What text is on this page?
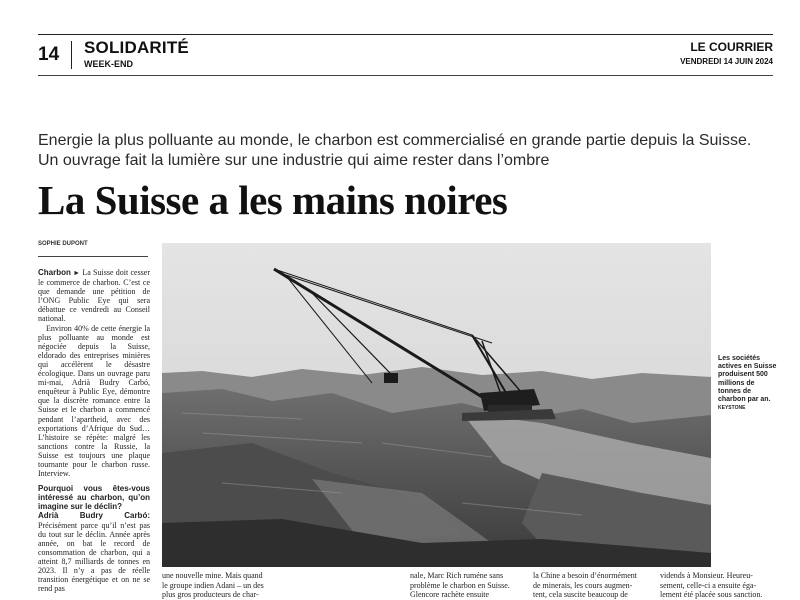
14 SOLIDARITÉ
WEEK-END
LE COURRIER
VENDREDI 14 JUIN 2024
Energie la plus polluante au monde, le charbon est commercialisé en grande partie depuis la Suisse.
Un ouvrage fait la lumière sur une industrie qui aime rester dans l’ombre
La Suisse a les mains noires
SOPHIE DUPONT

Charbon ► La Suisse doit cesser le commerce de charbon. C’est ce que demande une pétition de l’ONG Public Eye qui sera débattue ce vendredi au Conseil national.

Environ 40% de cette énergie la plus polluante au monde est négociée depuis la Suisse, eldorado des entreprises minières qui accélèrent le désastre écologique. Dans un ouvrage paru mi-mai, Adrià Budry Carbó, enquêteur à Public Eye, démontre que la discrète romance entre la Suisse et le charbon a commencé pendant l’apartheid, avec des exportations d’Afrique du Sud… L’histoire se répète: malgré les sanctions contre la Russie, la Suisse est toujours une plaque tournante pour le charbon russe. Interview.

Pourquoi vous êtes-vous intéressé au charbon, qu’on imagine sur le déclin?

Adrià Budry Carbó: Précisément parce qu’il n’est pas du tout sur le déclin. Année après année, on bat le record de consommation de charbon, qui a atteint 8,7 milliards de tonnes en 2023. Il n’y a pas de réelle transition énergétique et on ne se rend pas

Les sociétés actives en Suisse produisent 500 millions de tonnes de charbon par an. KEYSTONE
une nouvelle mine. Mais quand
le groupe indien Adani – un des
plus gros producteurs de char-
nale, Marc Rich ruméne sans
problème le charbon en Suisse.
Glencore rachète ensuite
la Chine a besoin d’énormément
de minerais, les cours augmen-
tent, cela suscite beaucoup de
vidends à Monsieur. Heureu-
sement, celle-ci a ensuite éga-
lement été placée sous sanction.
